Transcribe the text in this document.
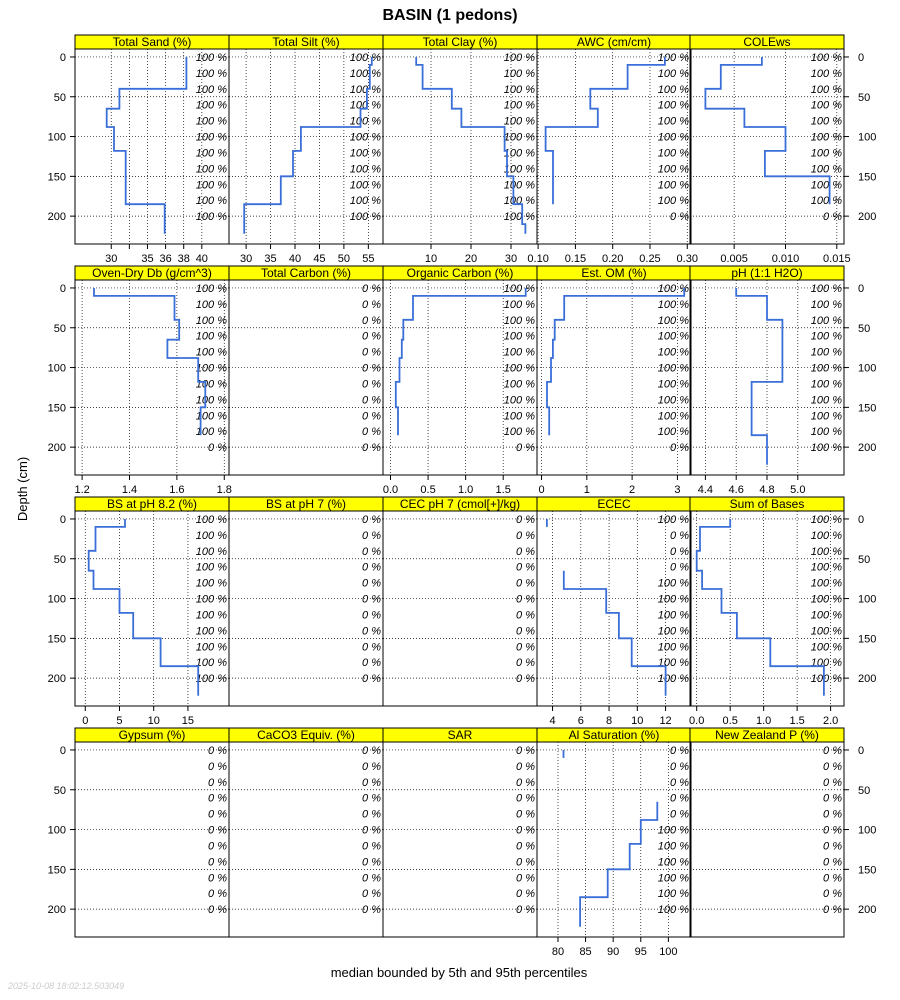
BASIN (1 pedons)
Depth (cm)
median bounded by 5th and 95th percentiles
2025-10-08 18:02:12.503049
Total Sand (%)
100 %
100 %
100 %
100 %
100 %
100 %
100 %
100 %
100 %
100 %
100 %
30 35 36 38 40
0
50
100
150
200
Total Silt (%)
100 %
100 %
100 %
100 %
100 %
100 %
100 %
100 %
100 %
100 %
100 %
30 35 40 45 50 55
Total Clay (%)
100 %
100 %
100 %
100 %
100 %
100 %
100 %
100 %
100 %
100 %
100 %
10	20	30
AWC (cm/cm)
100 %
100 %
100 %
100 %
100 %
100 %
100 %
100 %
100 %
100 %
0 %
0.10 0.15 0.20 0.25 0.30
COLEws
100 %
100 %
100 %
100 %
100 %
100 %
100 %
100 %
100 %
100 %
0 %
0.005 0.010 0.015
0
50
100
150
200
Oven-Dry Db (g/cm^3)
100 %
100 %
100 %
100 %
100 %
100 %
100 %
100 %
100 %
100 %
0 %
1.2	1.4	1.6	1.8
0
50
100
150
200
Total Carbon (%)
0 %
0 %
0 %
0 %
0 %
0 %
0 %
0 %
0 %
0 %
0 %
Organic Carbon (%)
100 %
100 %
100 %
100 %
100 %
100 %
100 %
100 %
100 %
100 %
0 %
0.0 0.5 1.0 1.5
Est. OM (%)
100 %
100 %
100 %
100 %
100 %
100 %
100 %
100 %
100 %
100 %
0 %
0	1	2	3
pH (1:1 H2O)
100 %
100 %
100 %
100 %
100 %
100 %
100 %
100 %
100 %
100 %
100 %
4.4 4.6 4.8 5.0
0
50
100
150
200
BS at pH 8.2 (%)
100 %
100 %
100 %
100 %
100 %
100 %
100 %
100 %
100 %
100 %
100 %
0	5 10 15
0
50
100
150
200
BS at pH 7 (%)
0 %
0 %
0 %
0 %
0 %
0 %
0 %
0 %
0 %
0 %
0 %
CEC pH 7 (cmol[+]/kg)
0 %
0 %
0 %
0 %
0 %
0 %
0 %
0 %
0 %
0 %
0 %
ECEC
100 %
0 %
0 %
0 %
100 %
100 %
100 %
100 %
100 %
100 %
100 %
4 6 8 10 12
Sum of Bases
100 %
100 %
100 %
100 %
100 %
100 %
100 %
100 %
100 %
100 %
100 %
0.0 0.5 1.0 1.5 2.0
0
50
100
150
200
Gypsum (%)
0 %
0 %
0 %
0 %
0 %
0 %
0 %
0 %
0 %
0 %
0 %
0
50
100
150
200
CaCO3 Equiv. (%)
0 %
0 %
0 %
0 %
0 %
0 %
0 %
0 %
0 %
0 %
0 %
SAR
0 %
0 %
0 %
0 %
0 %
0 %
0 %
0 %
0 %
0 %
0 %
Al Saturation (%)
0 %
0 %
0 %
0 %
0 %
100 %
100 %
100 %
100 %
100 %
100 %
80 85 90 95 100
New Zealand P (%)
0 %
0 %
0 %
0 %
0 %
0 %
0 %
0 %
0 %
0 %
0 %
0
50
100
150
200
